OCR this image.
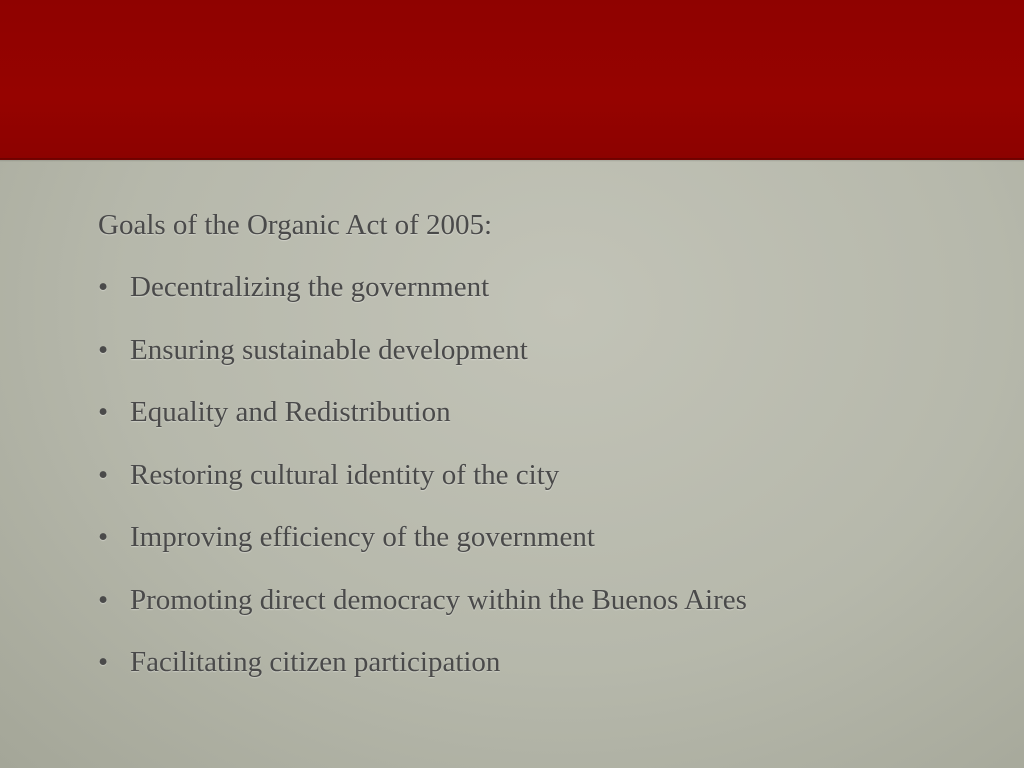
Goals of the Organic Act of 2005:
• Decentralizing the government
• Ensuring sustainable development
• Equality and Redistribution
• Restoring cultural identity of the city
• Improving efficiency of the government
• Promoting direct democracy within the Buenos Aires
• Facilitating citizen participation
